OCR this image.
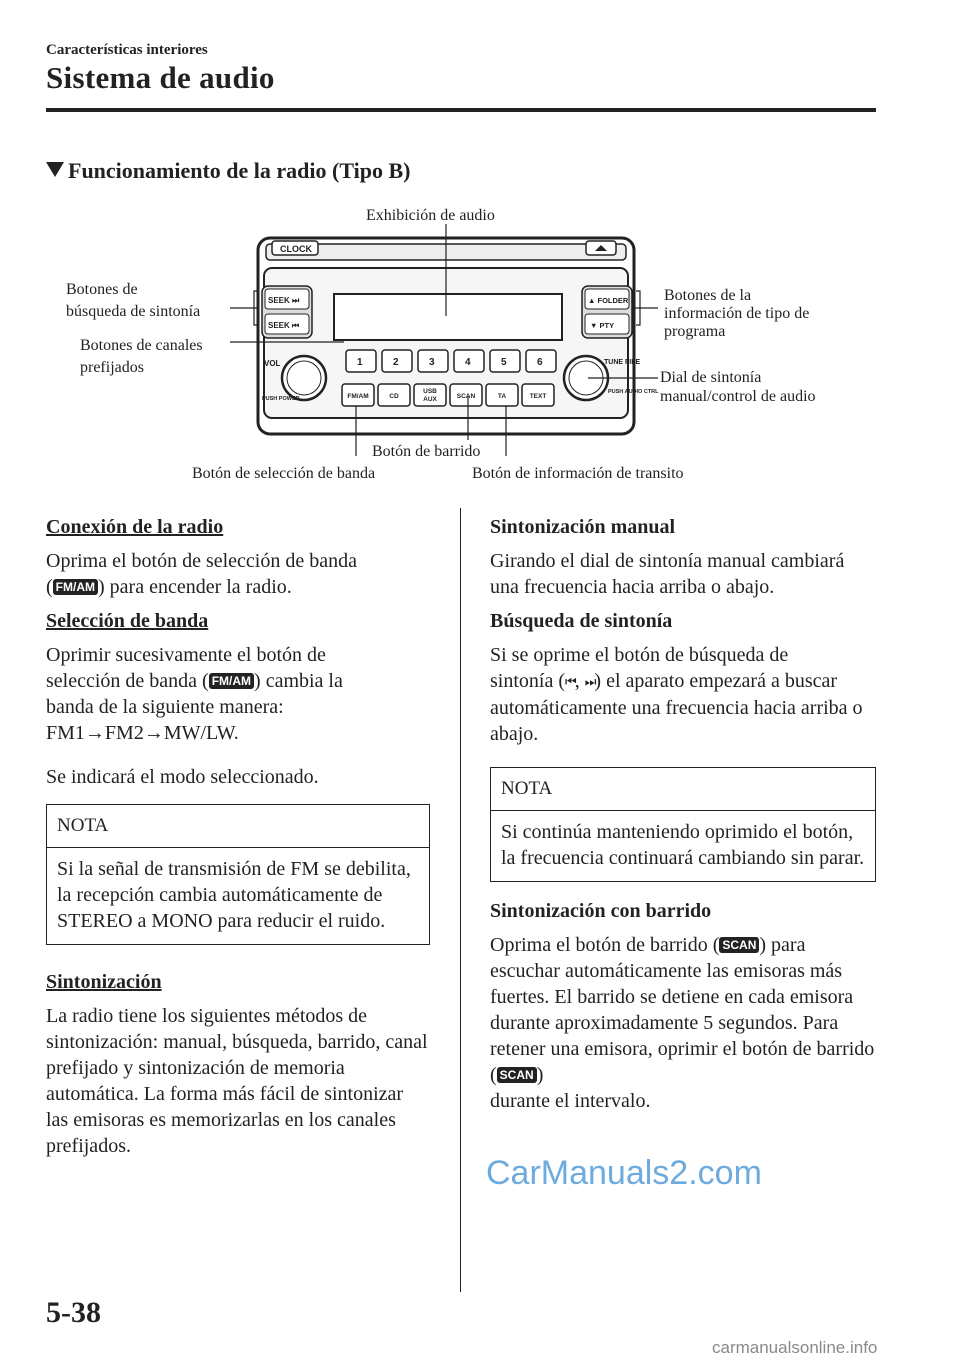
Características interiores
Sistema de audio
Funcionamiento de la radio (Tipo B)
CLOCK
SEEK ⏭
SEEK ⏮
▲ FOLDER
▼ PTY
VOL
PUSH POWER
TUNE FILE
PUSH AUDIO CTRL
1	2	3	4	5	6
FM/AM	CD
USB
AUX	SCAN	TA	TEXT
Exhibición de audio
Botones de
búsqueda de sintonía
Botones de canales
prefijados
Botones de la
información de tipo de
programa
Dial de sintonía
manual/control de audio
Botón de barrido
Botón de selección de banda	Botón de información de transito
Conexión de la radio

Oprima el botón de selección de banda
( FM/AM ) para encender la radio.

Selección de banda

Oprimir sucesivamente el botón de
selección de banda ( FM/AM ) cambia la
banda de la siguiente manera:
FM1→FM2→MW/LW.

Se indicará el modo seleccionado.

NOTA
Si la señal de transmisión de FM se debilita, la recepción cambia automáticamente de STEREO a MONO para reducir el ruido.
Sintonización

La radio tiene los siguientes métodos de sintonización: manual, búsqueda, barrido, canal prefijado y sintonización de memoria automática. La forma más fácil de sintonizar las emisoras es memorizarlas en los canales prefijados.

Sintonización manual

Girando el dial de sintonía manual cambiará una frecuencia hacia arriba o abajo.

Búsqueda de sintonía

Si se oprime el botón de búsqueda de
sintonía (⏮, ⏭) el aparato empezará a buscar automáticamente una frecuencia hacia arriba o abajo.

NOTA
Si continúa manteniendo oprimido el botón, la frecuencia continuará cambiando sin parar.
Sintonización con barrido

Oprima el botón de barrido ( SCAN ) para escuchar automáticamente las emisoras más fuertes. El barrido se detiene en cada emisora durante aproximadamente 5 segundos. Para retener una emisora, oprimir el botón de barrido ( SCAN )
durante el intervalo.

5-38
CarManuals2.com
carmanualsonline.info
